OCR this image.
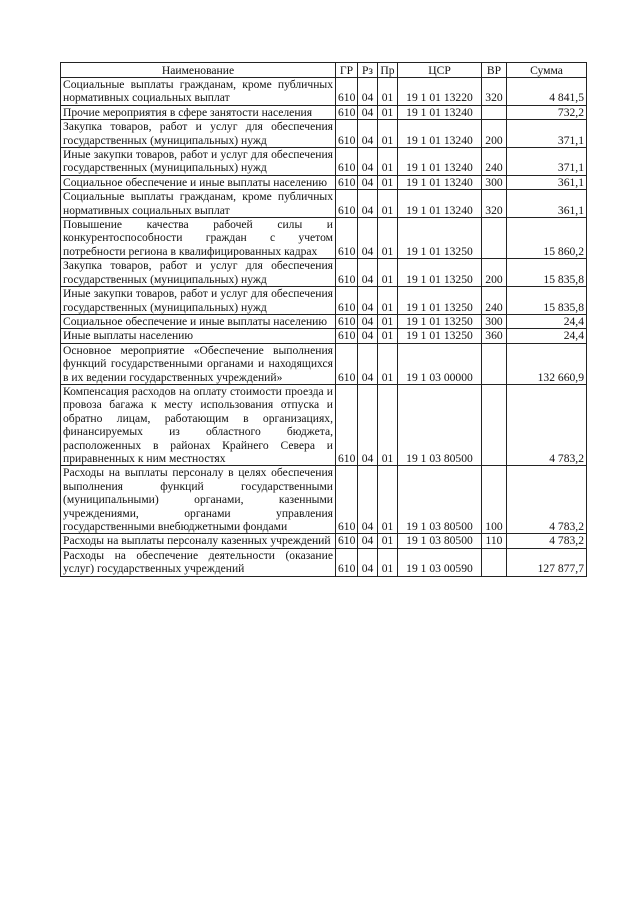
Наименование	ГР	Рз	Пр	ЦСР	ВР	Сумма
Социальные выплаты гражданам, кроме публичных нормативных социальных выплат	610	04	01	19 1 01 13220	320	4 841,5
Прочие мероприятия в сфере занятости населения	610	04	01	19 1 01 13240		732,2
Закупка товаров, работ и услуг для обеспечения государственных (муниципальных) нужд	610	04	01	19 1 01 13240	200	371,1
Иные закупки товаров, работ и услуг для обеспечения государственных (муниципальных) нужд	610	04	01	19 1 01 13240	240	371,1
Социальное обеспечение и иные выплаты населению	610	04	01	19 1 01 13240	300	361,1
Социальные выплаты гражданам, кроме публичных нормативных социальных выплат	610	04	01	19 1 01 13240	320	361,1
Повышение качества рабочей силы и конкурентоспособности граждан с учетом потребности региона в квалифицированных кадрах	610	04	01	19 1 01 13250		15 860,2
Закупка товаров, работ и услуг для обеспечения государственных (муниципальных) нужд	610	04	01	19 1 01 13250	200	15 835,8
Иные закупки товаров, работ и услуг для обеспечения государственных (муниципальных) нужд	610	04	01	19 1 01 13250	240	15 835,8
Социальное обеспечение и иные выплаты населению	610	04	01	19 1 01 13250	300	24,4
Иные выплаты населению	610	04	01	19 1 01 13250	360	24,4
Основное мероприятие «Обеспечение выполнения функций государственными органами и находящихся в их ведении государственных учреждений»	610	04	01	19 1 03 00000		132 660,9
Компенсация расходов на оплату стоимости проезда и провоза багажа к месту использования отпуска и обратно лицам, работающим в организациях, финансируемых из областного бюджета, расположенных в районах Крайнего Севера и приравненных к ним местностях	610	04	01	19 1 03 80500		4 783,2
Расходы на выплаты персоналу в целях обеспечения выполнения функций государственными (муниципальными) органами, казенными учреждениями, органами управления государственными внебюджетными фондами	610	04	01	19 1 03 80500	100	4 783,2
Расходы на выплаты персоналу казенных учреждений	610	04	01	19 1 03 80500	110	4 783,2
Расходы на обеспечение деятельности (оказание услуг) государственных учреждений	610	04	01	19 1 03 00590		127 877,7
